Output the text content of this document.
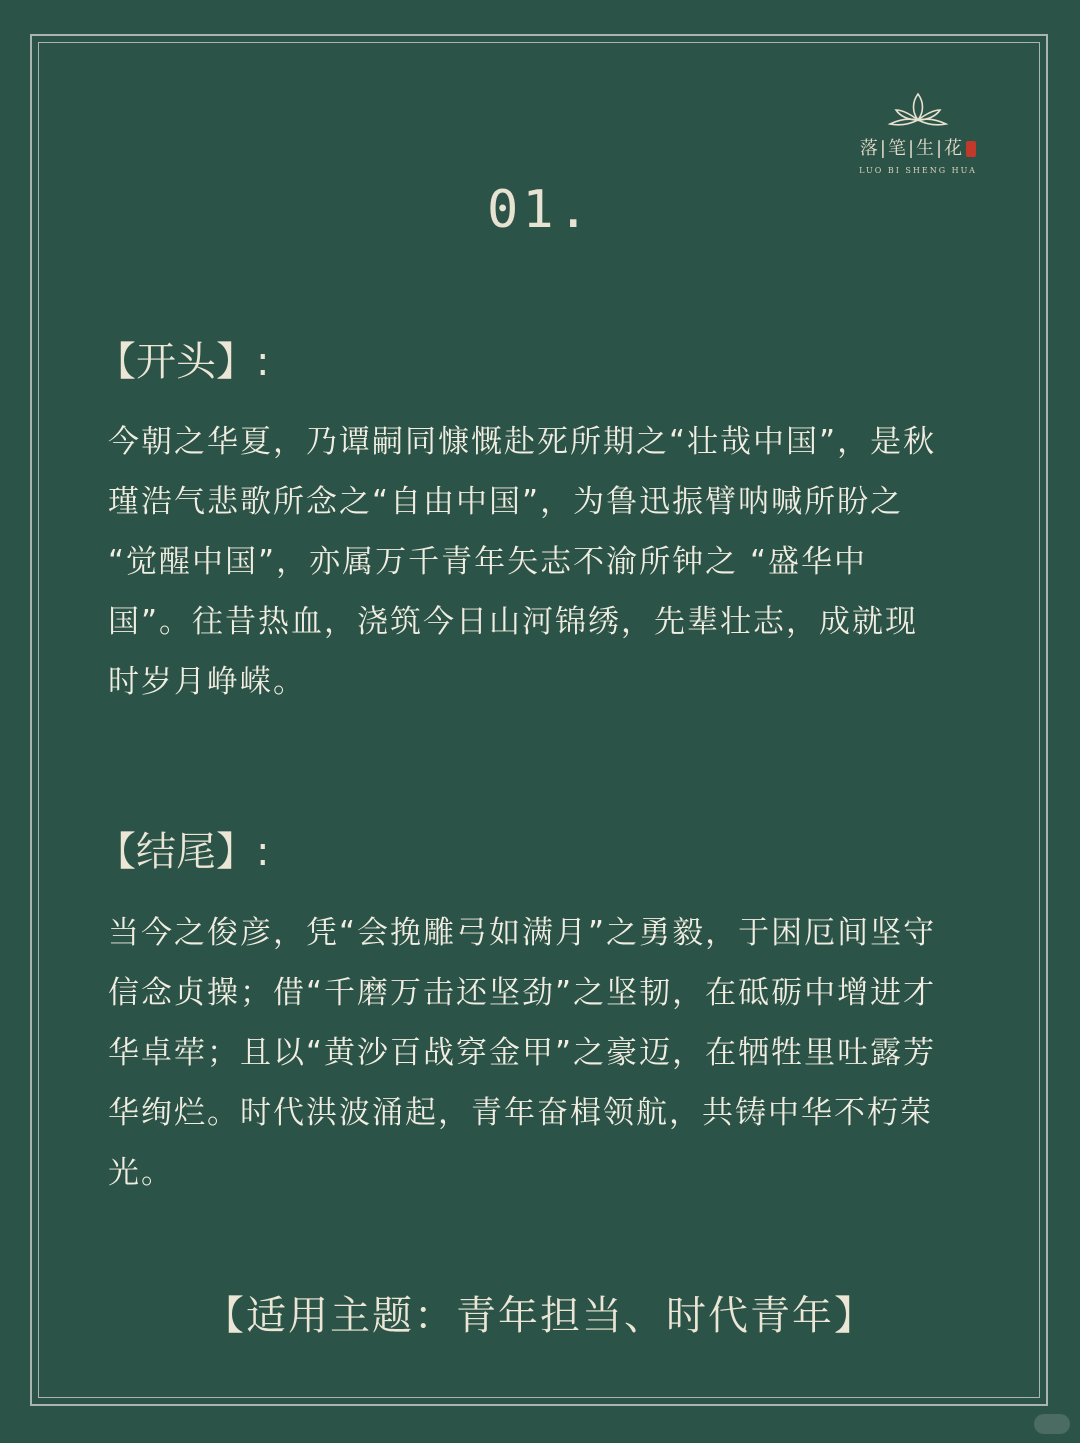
落|笔|生|花
LUO BI SHENG HUA
01.
【开头】:
今朝之华夏，乃谭嗣同慷慨赴死所期之“壮哉中国”，是秋瑾浩气悲歌所念之“自由中国”，为鲁迅振臂呐喊所盼之 “觉醒中国”，亦属万千青年矢志不渝所钟之 “盛华中国”。往昔热血，浇筑今日山河锦绣，先辈壮志，成就现时岁月峥嵘。
【结尾】:
当今之俊彦，凭“会挽雕弓如满月”之勇毅，于困厄间坚守信念贞操；借“千磨万击还坚劲”之坚韧，在砥砺中增进才华卓荦；且以“黄沙百战穿金甲”之豪迈，在牺牲里吐露芳华绚烂。时代洪波涌起，青年奋楫领航，共铸中华不朽荣光。
【适用主题：青年担当、时代青年】
